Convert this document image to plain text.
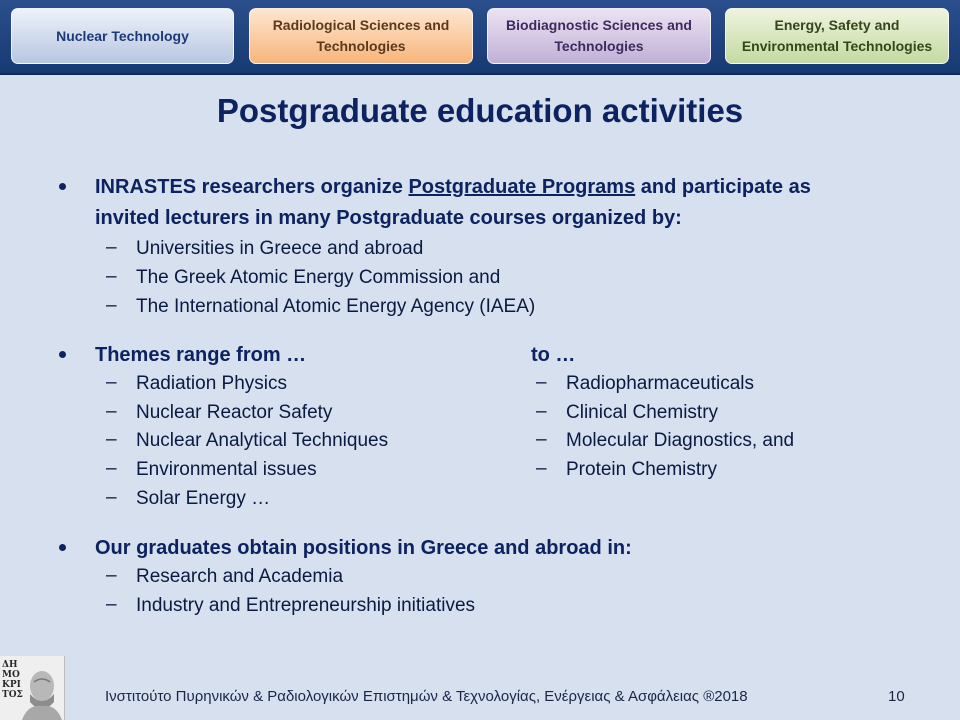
Nuclear Technology
Radiological Sciences and Technologies
Biodiagnostic Sciences and Technologies
Energy, Safety and Environmental Technologies
Postgraduate education activities
INRASTES researchers organize Postgraduate Programs and participate as
invited lecturers in many Postgraduate courses organized by:
– Universities in Greece and abroad
– The Greek Atomic Energy Commission and
– The International Atomic Energy Agency (IAEA)
Themes range from …	to …
– Radiation Physics
– Nuclear Reactor Safety
– Nuclear Analytical Techniques
– Environmental issues
– Solar Energy …
– Radiopharmaceuticals
– Clinical Chemistry
– Molecular Diagnostics, and
– Protein Chemistry
Our graduates obtain positions in Greece and abroad in:
– Research and Academia
– Industry and Entrepreneurship initiatives
ΔΗ ΜΟ ΚΡΙ ΤΟΣ	Ινστιτούτο Πυρηνικών & Ραδιολογικών Επιστημών & Τεχνολογίας, Ενέργειας & Ασφάλειας ®2018	10
